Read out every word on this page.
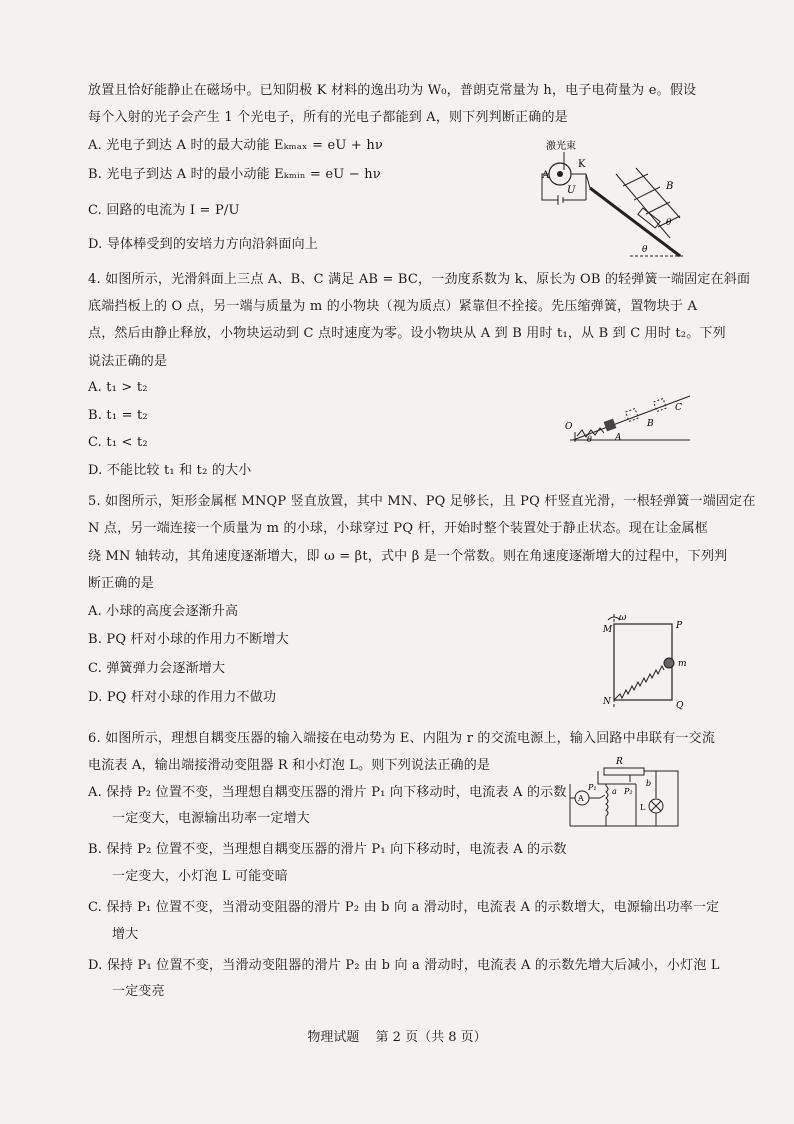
放置且恰好能静止在磁场中。已知阴极 K 材料的逸出功为 W₀，普朗克常量为 h，电子电荷量为 e。假设
每个入射的光子会产生 1 个光电子，所有的光电子都能到 A，则下列判断正确的是
A. 光电子到达 A 时的最大动能 Eₖₘₐₓ = eU + hν
B. 光电子到达 A 时的最小动能 Eₖₘᵢₙ = eU − hν
C. 回路的电流为 I = P/U
D. 导体棒受到的安培力方向沿斜面向上
激光束
K
A
U	B
θ
θ
4. 如图所示，光滑斜面上三点 A、B、C 满足 AB = BC，一劲度系数为 k、原长为 OB 的轻弹簧一端固定在斜面
底端挡板上的 O 点，另一端与质量为 m 的小物块（视为质点）紧靠但不拴接。先压缩弹簧，置物块于 A
点，然后由静止释放，小物块运动到 C 点时速度为零。设小物块从 A 到 B 用时 t₁，从 B 到 C 用时 t₂。下列
说法正确的是
A. t₁ > t₂
B. t₁ = t₂
C. t₁ < t₂
D. 不能比较 t₁ 和 t₂ 的大小
O
A
B
C
θ
5. 如图所示，矩形金属框 MNQP 竖直放置，其中 MN、PQ 足够长，且 PQ 杆竖直光滑，一根轻弹簧一端固定在
N 点，另一端连接一个质量为 m 的小球，小球穿过 PQ 杆，开始时整个装置处于静止状态。现在让金属框
绕 MN 轴转动，其角速度逐渐增大，即 ω = βt，式中 β 是一个常数。则在角速度逐渐增大的过程中，下列判
断正确的是
A. 小球的高度会逐渐升高
B. PQ 杆对小球的作用力不断增大
C. 弹簧弹力会逐渐增大
D. PQ 杆对小球的作用力不做功
ω
M	P
m
N	Q
6. 如图所示，理想自耦变压器的输入端接在电动势为 E、内阻为 r 的交流电源上，输入回路中串联有一交流
电流表 A，输出端接滑动变阻器 R 和小灯泡 L。则下列说法正确的是
A. 保持 P₂ 位置不变，当理想自耦变压器的滑片 P₁ 向下移动时，电流表 A 的示数
一定变大，电源输出功率一定增大
B. 保持 P₂ 位置不变，当理想自耦变压器的滑片 P₁ 向下移动时，电流表 A 的示数
一定变大，小灯泡 L 可能变暗
C. 保持 P₁ 位置不变，当滑动变阻器的滑片 P₂ 由 b 向 a 滑动时，电流表 A 的示数增大，电源输出功率一定
增大
D. 保持 P₁ 位置不变，当滑动变阻器的滑片 P₂ 由 b 向 a 滑动时，电流表 A 的示数先增大后减小，小灯泡 L
一定变亮
R
A
P₁ a P₂
b
L
物理试题 第 2 页（共 8 页）
